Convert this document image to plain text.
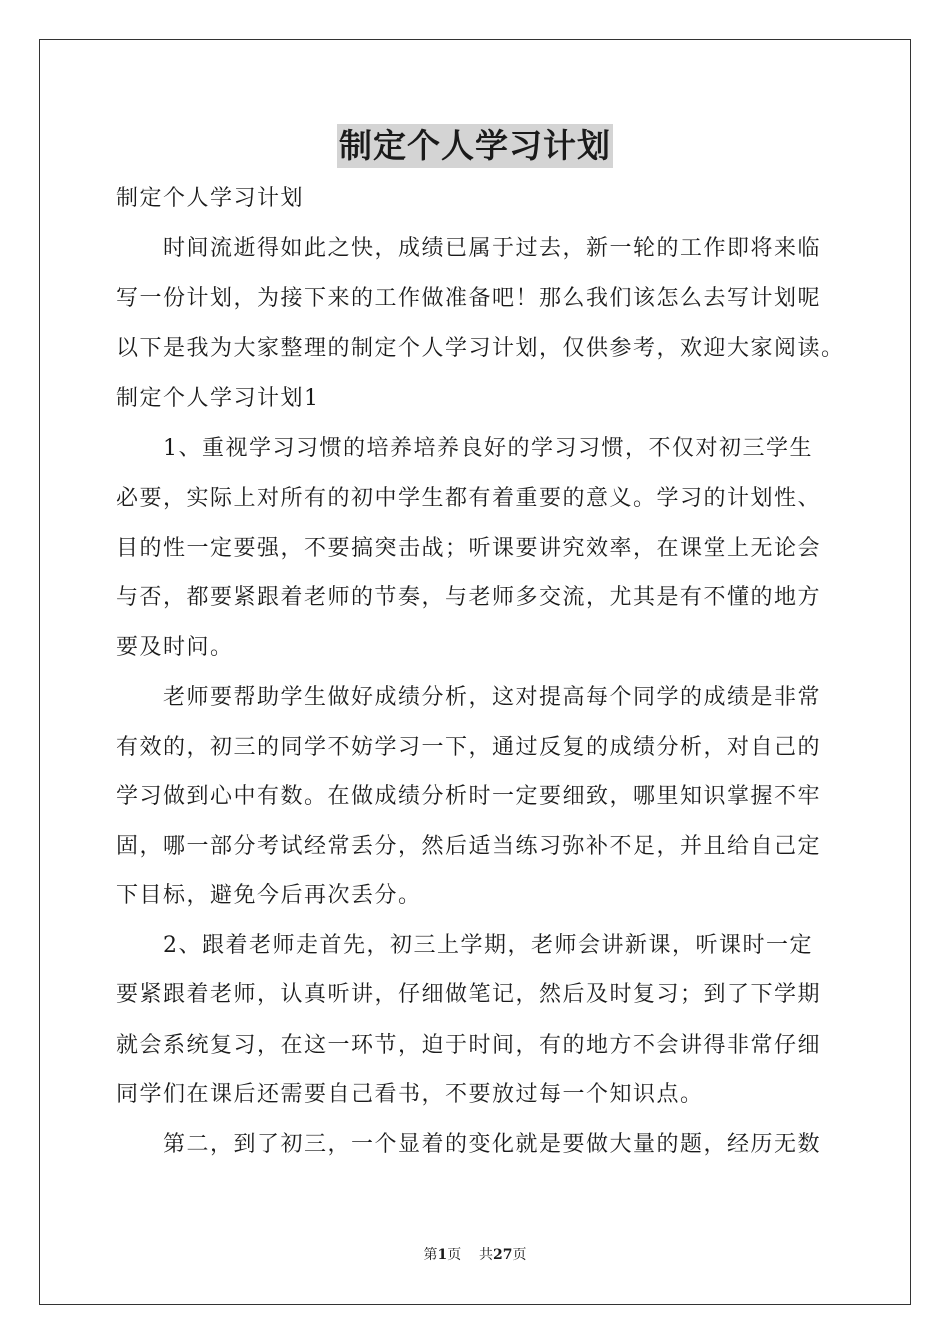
制定个人学习计划
制定个人学习计划
　　时间流逝得如此之快，成绩已属于过去，新一轮的工作即将来临
写一份计划，为接下来的工作做准备吧！那么我们该怎么去写计划呢
以下是我为大家整理的制定个人学习计划，仅供参考，欢迎大家阅读。
制定个人学习计划1
　　1、重视学习习惯的培养培养良好的学习习惯，不仅对初三学生
必要，实际上对所有的初中学生都有着重要的意义。学习的计划性、
目的性一定要强，不要搞突击战；听课要讲究效率，在课堂上无论会
与否，都要紧跟着老师的节奏，与老师多交流，尤其是有不懂的地方
要及时问。
　　老师要帮助学生做好成绩分析，这对提高每个同学的成绩是非常
有效的，初三的同学不妨学习一下，通过反复的成绩分析，对自己的
学习做到心中有数。在做成绩分析时一定要细致，哪里知识掌握不牢
固，哪一部分考试经常丢分，然后适当练习弥补不足，并且给自己定
下目标，避免今后再次丢分。
　　2、跟着老师走首先，初三上学期，老师会讲新课，听课时一定
要紧跟着老师，认真听讲，仔细做笔记，然后及时复习；到了下学期
就会系统复习，在这一环节，迫于时间，有的地方不会讲得非常仔细
同学们在课后还需要自己看书，不要放过每一个知识点。
　　第二，到了初三，一个显着的变化就是要做大量的题，经历无数
第1页 共27页
